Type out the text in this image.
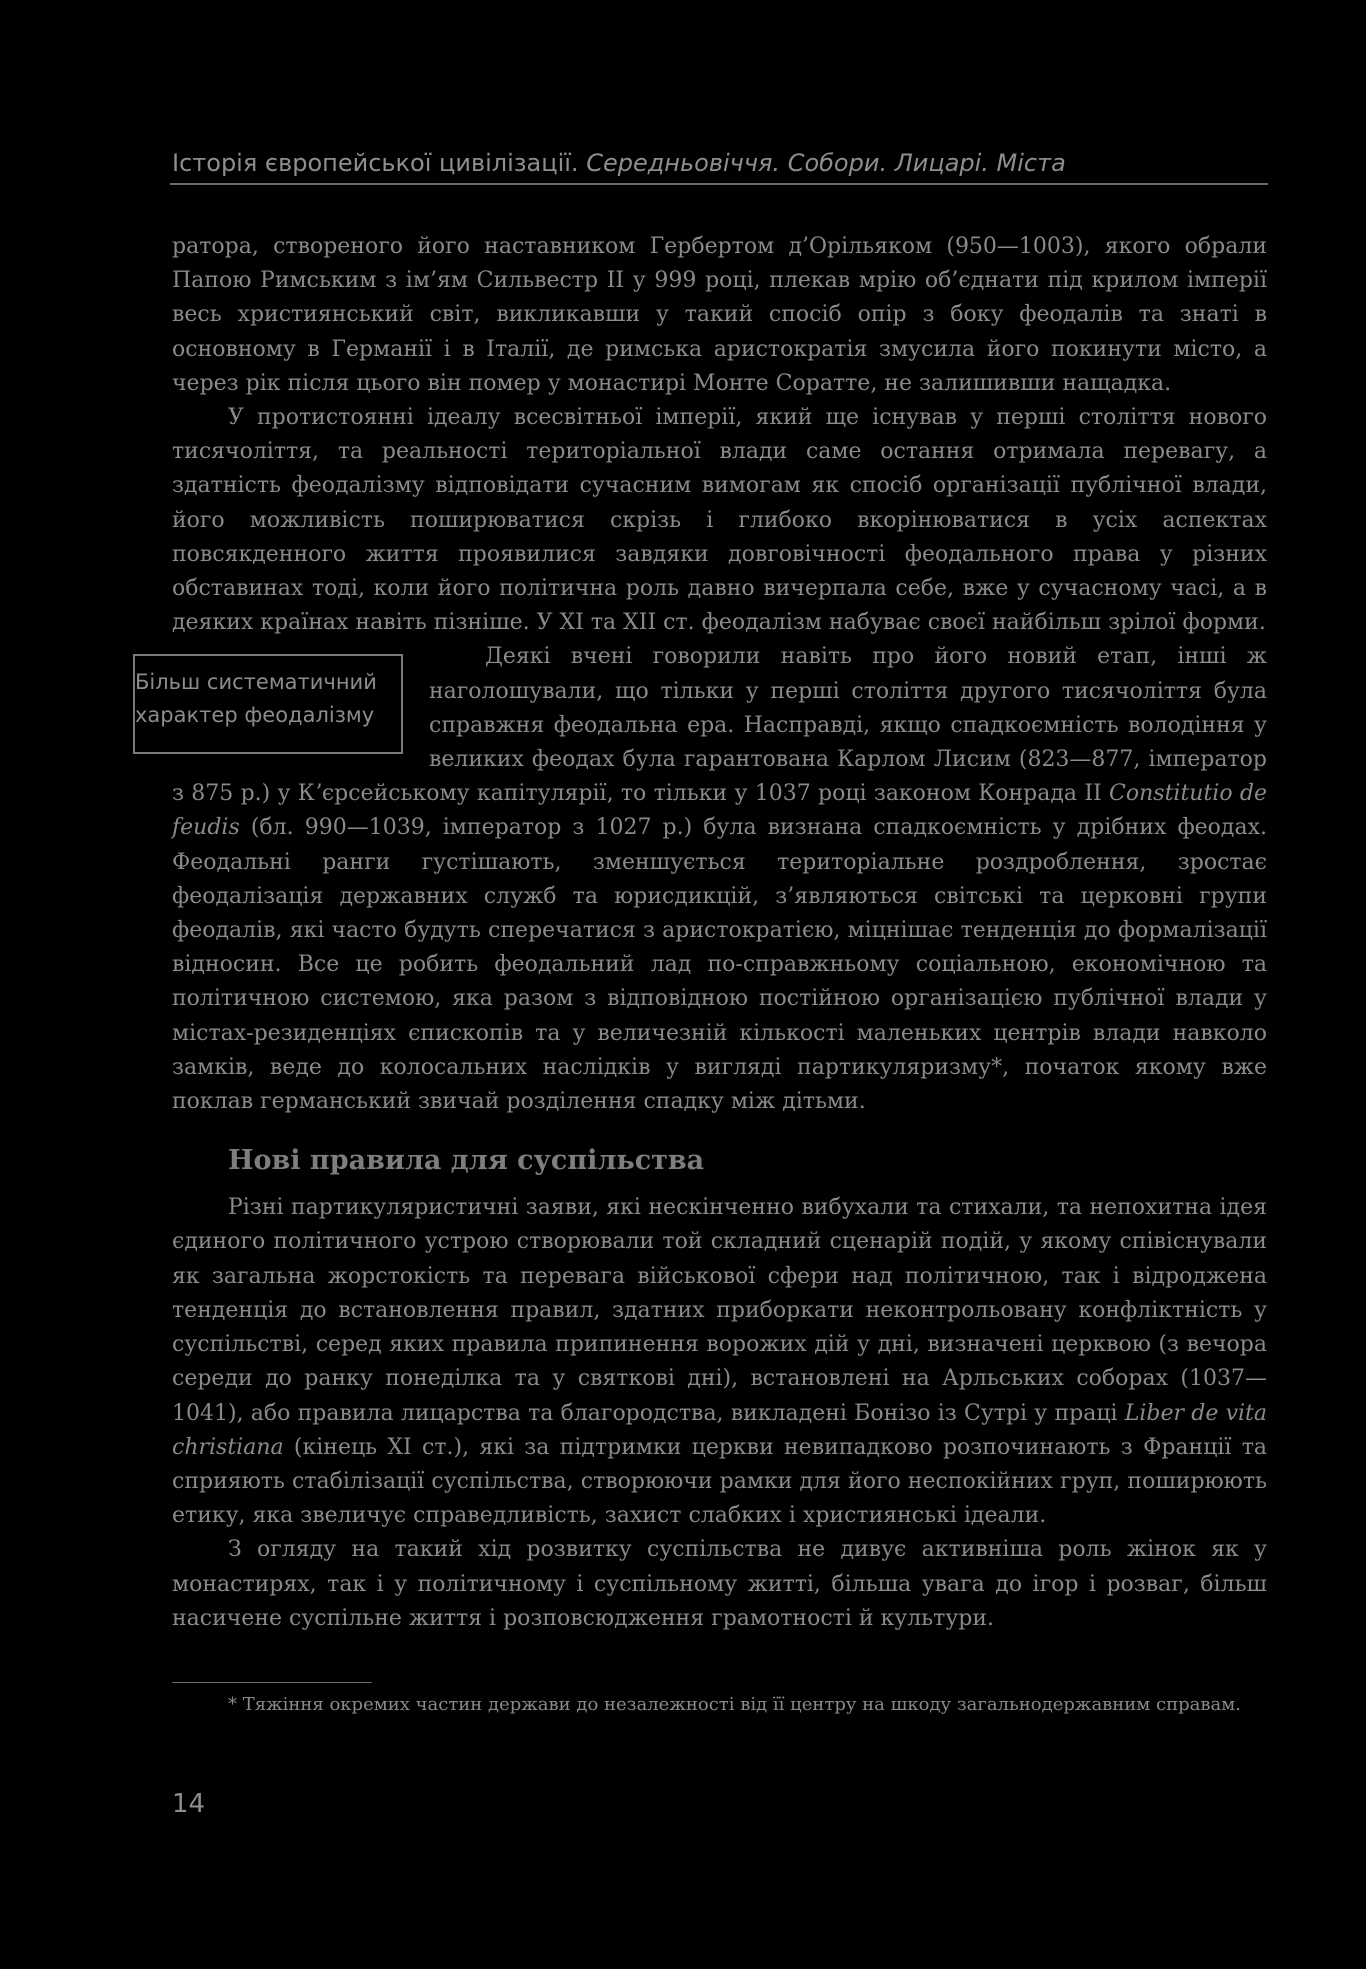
Історія європейської цивілізації. Середньовіччя. Собори. Лицарі. Міста

ратора, створеного його наставником Гербертом д’Орільяком (950—1003), якого обрали Папою Римським з ім’ям Сильвестр II у 999 році, плекав мрію об’єднати під крилом імперії весь християнський світ, викликавши у такий спосіб опір з боку феодалів та знаті в основному в Германії і в Італії, де римська аристократія змусила його покинути місто, а через рік після цього він помер у монастирі Монте Соратте, не залишивши нащадка.

У протистоянні ідеалу всесвітньої імперії, який ще існував у перші століття нового тисячоліття, та реальності територіальної влади саме остання отримала перевагу, а здатність феодалізму відповідати сучасним вимогам як спосіб організації публічної влади, його можливість поширюватися скрізь і глибоко вкорінюватися в усіх аспектах повсякденного життя проявилися завдяки довговічності феодального права у різних обставинах тоді, коли його політична роль давно вичерпала себе, вже у сучасному часі, а в деяких країнах навіть пізніше. У XI та XII ст. феодалізм набуває своєї найбільш зрілої форми.

Більш систематичний
характер феодалізму
Деякі вчені говорили навіть про його новий етап, інші ж наголошували, що тільки у перші століття другого тисячоліття була справжня феодальна ера. Насправді, якщо спадкоємність володіння у великих феодах була гарантована Карлом Лисим (823—877, імператор з 875 р.) у Кʼєрсейському капітулярії, то тільки у 1037 році законом Конрада II Constitutio de feudis (бл. 990—1039, імператор з 1027 р.) була визнана спадкоємність у дрібних феодах. Феодальні ранги густішають, зменшується територіальне роздроблення, зростає феодалізація державних служб та юрисдикцій, з’являються світські та церковні групи феодалів, які часто будуть сперечатися з аристократією, міцнішає тенденція до формалізації відносин. Все це робить феодальний лад по-справжньому соціальною, економічною та політичною системою, яка разом з відповідною постійною організацією публічної влади у містах-резиденціях єпископів та у величезній кількості маленьких центрів влади навколо замків, веде до колосальних наслідків у вигляді партикуляризму*, початок якому вже поклав германський звичай розділення спадку між дітьми.

Нові правила для суспільства

Різні партикуляристичні заяви, які нескінченно вибухали та стихали, та непохитна ідея єдиного політичного устрою створювали той складний сценарій подій, у якому співіснували як загальна жорстокість та перевага військової сфери над політичною, так і відроджена тенденція до встановлення правил, здатних приборкати неконтрольовану конфліктність у суспільстві, серед яких правила припинення ворожих дій у дні, визначені церквою (з вечора середи до ранку понеділка та у святкові дні), встановлені на Арльських соборах (1037—1041), або правила лицарства та благородства, викладені Бонізо із Сутрі у праці Liber de vita christiana (кінець XI ст.), які за підтримки церкви невипадково розпочинають з Франції та сприяють стабілізації суспільства, створюючи рамки для його неспокійних груп, поширюють етику, яка звеличує справедливість, захист слабких і християнські ідеали.

З огляду на такий хід розвитку суспільства не дивує активніша роль жінок як у монастирях, так і у політичному і суспільному житті, більша увага до ігор і розваг, більш насичене суспільне життя і розповсюдження грамотності й культури.

* Тяжіння окремих частин держави до незалежності від її центру на шкоду загальнодержавним справам.

14
